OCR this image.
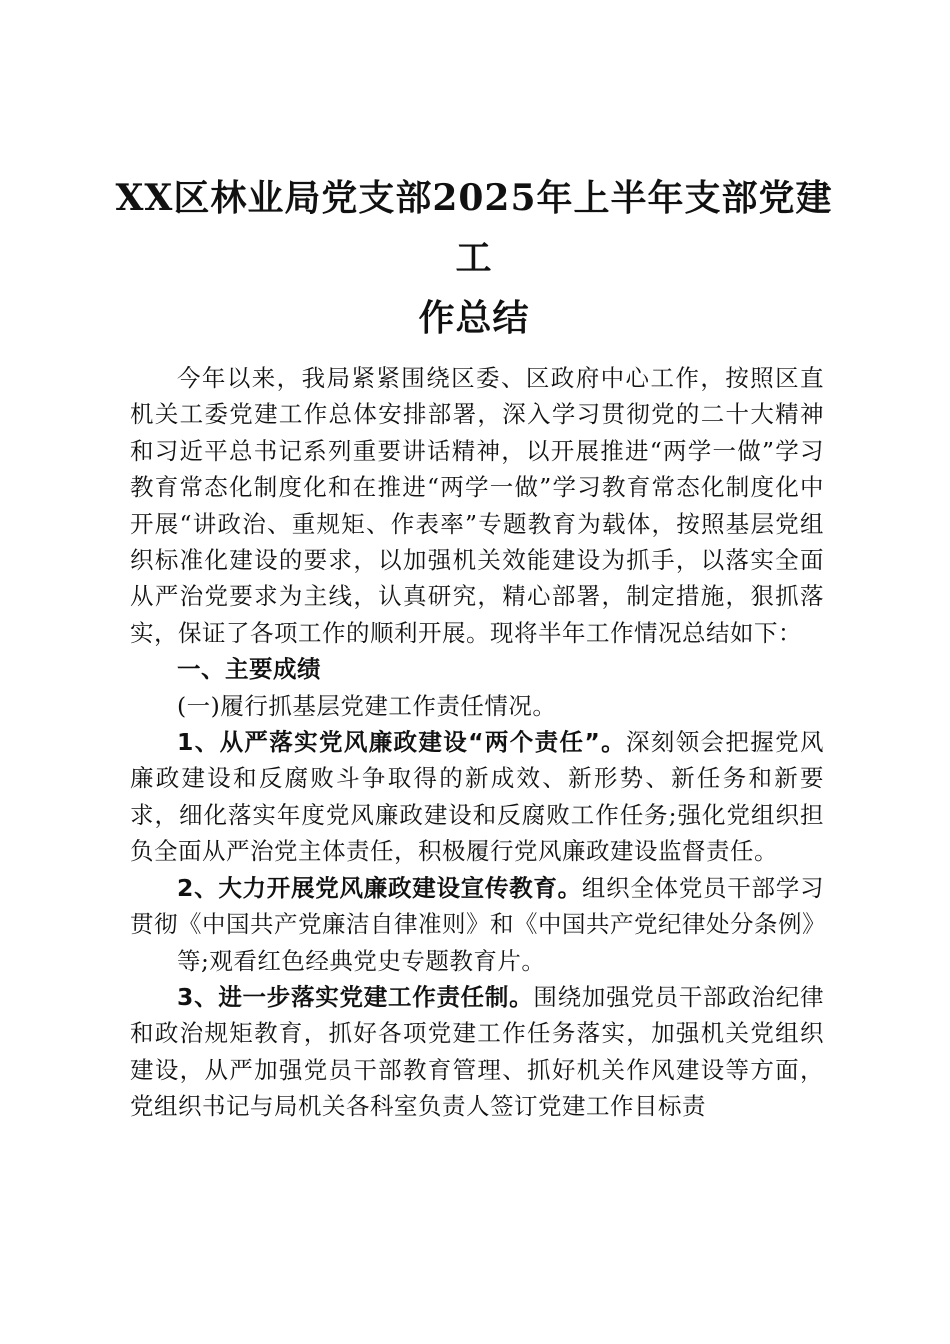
XX区林业局党支部2025年上半年支部党建工
作总结

今年以来，我局紧紧围绕区委、区政府中心工作，按照区直机关工委党建工作总体安排部署，深入学习贯彻党的二十大精神和习近平总书记系列重要讲话精神，以开展推进“两学一做”学习教育常态化制度化和在推进“两学一做”学习教育常态化制度化中开展“讲政治、重规矩、作表率”专题教育为载体，按照基层党组织标准化建设的要求，以加强机关效能建设为抓手，以落实全面从严治党要求为主线，认真研究，精心部署，制定措施，狠抓落实，保证了各项工作的顺利开展。现将半年工作情况总结如下：

一、主要成绩

(一)履行抓基层党建工作责任情况。

1、从严落实党风廉政建设“两个责任”。深刻领会把握党风廉政建设和反腐败斗争取得的新成效、新形势、新任务和新要求，细化落实年度党风廉政建设和反腐败工作任务;强化党组织担负全面从严治党主体责任，积极履行党风廉政建设监督责任。

2、大力开展党风廉政建设宣传教育。组织全体党员干部学习贯彻《中国共产党廉洁自律准则》和《中国共产党纪律处分条例》

等;观看红色经典党史专题教育片。

3、进一步落实党建工作责任制。围绕加强党员干部政治纪律和政治规矩教育，抓好各项党建工作任务落实，加强机关党组织建设，从严加强党员干部教育管理、抓好机关作风建设等方面，党组织书记与局机关各科室负责人签订党建工作目标责
